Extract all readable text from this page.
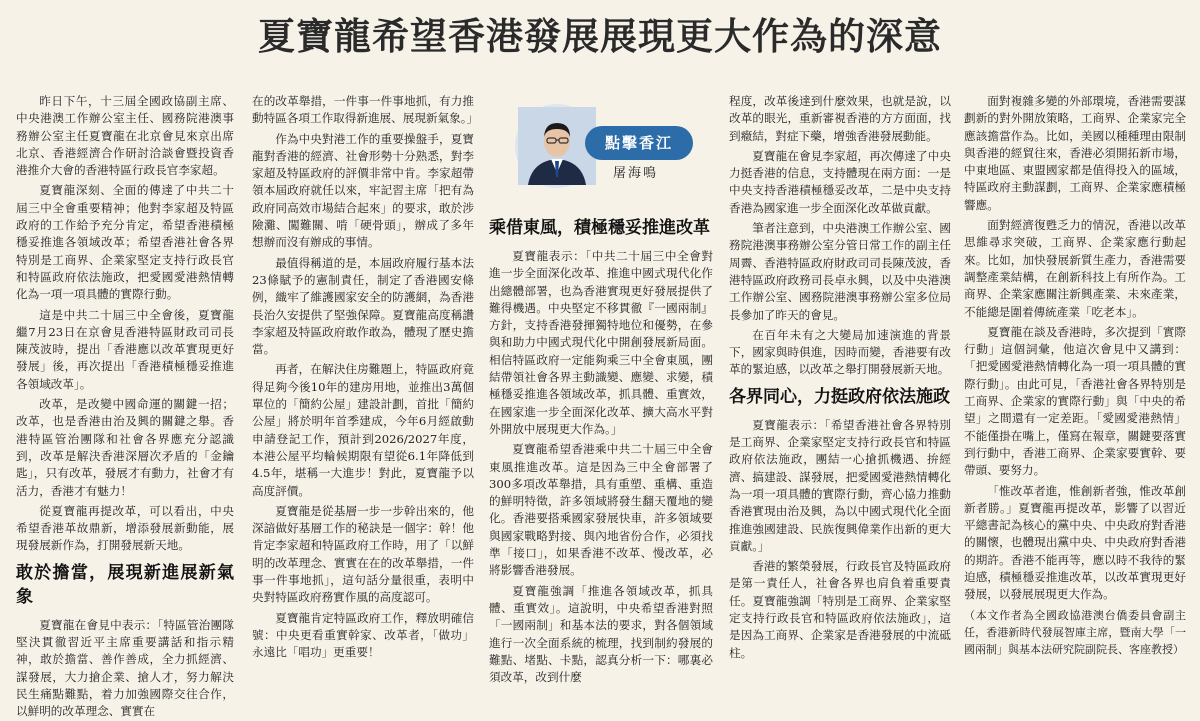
夏寶龍希望香港發展展現更大作為的深意

昨日下午，十三屆全國政協副主席、中央港澳工作辦公室主任、國務院港澳事務辦公室主任夏寶龍在北京會見來京出席北京、香港經濟合作研討洽談會暨投資香港推介大會的香港特區行政長官李家超。

夏寶龍深刻、全面的傳達了中共二十屆三中全會重要精神；他對李家超及特區政府的工作給予充分肯定，希望香港積極穩妥推進各領域改革；希望香港社會各界特別是工商界、企業家堅定支持行政長官和特區政府依法施政，把愛國愛港熱情轉化為一項一項具體的實際行動。

這是中共二十屆三中全會後，夏寶龍繼7月23日在京會見香港特區財政司司長陳茂波時，提出「香港應以改革實現更好發展」後，再次提出「香港積極穩妥推進各領域改革」。

改革，是改變中國命運的關鍵一招；改革，也是香港由治及興的關鍵之舉。香港特區管治團隊和社會各界應充分認識到，改革是解決香港深層次矛盾的「金鑰匙」，只有改革，發展才有動力，社會才有活力，香港才有魅力！

從夏寶龍再提改革，可以看出，中央希望香港革故鼎新，增添發展新動能，展現發展新作為，打開發展新天地。

敢於擔當，展現新進展新氣象

夏寶龍在會見中表示：「特區管治團隊堅決貫徹習近平主席重要講話和指示精神，敢於擔當、善作善成，全力抓經濟、謀發展，大力搶企業、搶人才，努力解決民生痛點難點，着力加強國際交往合作，以鮮明的改革理念、實實在

在的改革舉措，一件事一件事地抓，有力推動特區各項工作取得新進展、展現新氣象。」

作為中央對港工作的重要操盤手，夏寶龍對香港的經濟、社會形勢十分熟悉，對李家超及特區政府的評價非常中肯。李家超帶領本屆政府就任以來，牢記習主席「把有為政府同高效市場結合起來」的要求，敢於涉險灘、闖難關、啃「硬骨頭」，辦成了多年想辦而沒有辦成的事情。

最值得稱道的是，本屆政府履行基本法23條賦予的憲制責任，制定了香港國安條例，織牢了維護國家安全的防護網，為香港長治久安提供了堅強保障。夏寶龍高度稱讚李家超及特區政府敢作敢為，體現了歷史擔當。

再者，在解決住房難題上，特區政府竟得足夠今後10年的建房用地，並推出3萬個單位的「簡約公屋」建設計劃，首批「簡約公屋」將於明年首季建成，今年6月經啟動申請登記工作，預計到2026/2027年度，本港公屋平均輪候期限有望從6.1年降低到4.5年，堪稱一大進步！對此，夏寶龍予以高度評價。

夏寶龍是從基層一步一步幹出來的，他深諳做好基層工作的秘訣是一個字：幹！他肯定李家超和特區政府工作時，用了「以鮮明的改革理念、實實在在的改革舉措，一件事一件事地抓」，這句話分量很重，表明中央對特區政府務實作風的高度認可。

夏寶龍肯定特區政府工作，釋放明確信號：中央更看重實幹家、改革者，「做功」永遠比「唱功」更重要！

點擊香江
屠海鳴
乘借東風，積極穩妥推進改革

夏寶龍表示：「中共二十屆三中全會對進一步全面深化改革、推進中國式現代化作出總體部署，也為香港實現更好發展提供了難得機遇。中央堅定不移貫徹『一國兩制』方針，支持香港發揮獨特地位和優勢，在參與和助力中國式現代化中開創發展新局面。相信特區政府一定能夠乘三中全會東風，團結帶領社會各界主動識變、應變、求變，積極穩妥推進各領域改革，抓具體、重實效，在國家進一步全面深化改革、擴大高水平對外開放中展現更大作為。」

夏寶龍希望香港乘中共二十屆三中全會東風推進改革。這是因為三中全會部署了300多項改革舉措，具有重塑、重構、重造的鮮明特徵，許多領域將發生翻天覆地的變化。香港要搭乘國家發展快車，許多領域要與國家戰略對接、與內地省份合作，必須找準「接口」，如果香港不改革、慢改革，必將影響香港發展。

夏寶龍強調「推進各領域改革，抓具體、重實效」。這說明，中央希望香港對照「一國兩制」和基本法的要求，對各個領域進行一次全面系統的梳理，找到制約發展的難點、堵點、卡點，認真分析一下：哪裏必須改革，改到什麼

程度，改革後達到什麼效果，也就是說，以改革的眼光，重新審視香港的方方面面，找到癥結，對症下藥，增強香港發展動能。

夏寶龍在會見李家超，再次傳達了中央力挺香港的信息，支持體現在兩方面：一是中央支持香港積極穩妥改革，二是中央支持香港為國家進一步全面深化改革做貢獻。

筆者注意到，中央港澳工作辦公室、國務院港澳事務辦公室分管日常工作的副主任周霽、香港特區政府財政司司長陳茂波，香港特區政府政務司長卓永興，以及中央港澳工作辦公室、國務院港澳事務辦公室多位局長參加了昨天的會見。

在百年未有之大變局加速演進的背景下，國家與時俱進，因時而變，香港要有改革的緊迫感，以改革之舉打開發展新天地。

各界同心，力挺政府依法施政

夏寶龍表示：「希望香港社會各界特別是工商界、企業家堅定支持行政長官和特區政府依法施政，團結一心搶抓機遇、拚經濟、搞建設、謀發展，把愛國愛港熱情轉化為一項一項具體的實際行動，齊心協力推動香港實現由治及興，為以中國式現代化全面推進強國建設、民族復興偉業作出新的更大貢獻。」

香港的繁榮發展，行政長官及特區政府是第一責任人，社會各界也肩負着重要責任。夏寶龍強調「特別是工商界、企業家堅定支持行政長官和特區政府依法施政」，這是因為工商界、企業家是香港發展的中流砥柱。

面對複雜多變的外部環境，香港需要謀劃新的對外開放策略，工商界、企業家完全應該擔當作為。比如，美國以種種理由限制與香港的經貿往來，香港必須開拓新市場，中東地區、東盟國家都是值得投入的區域，特區政府主動謀劃，工商界、企業家應積極響應。

面對經濟復甦乏力的情況，香港以改革思維尋求突破，工商界、企業家應行動起來。比如，加快發展新質生產力，香港需要調整產業結構，在創新科技上有所作為。工商界、企業家應關注新興產業、未來產業，不能總是圍着傳統產業「吃老本」。

夏寶龍在談及香港時，多次提到「實際行動」這個詞彙，他這次會見中又講到：「把愛國愛港熱情轉化為一項一項具體的實際行動」。由此可見，「香港社會各界特別是工商界、企業家的實際行動」與「中央的希望」之間還有一定差距。「愛國愛港熱情」不能僅掛在嘴上，僅寫在報章，關鍵要落實到行動中，香港工商界、企業家要實幹、要帶頭、要努力。

「惟改革者進，惟創新者強，惟改革創新者勝。」夏寶龍再提改革，影響了以習近平總書記為核心的黨中央、中央政府對香港的關懷，也體現出黨中央、中央政府對香港的期許。香港不能再等，應以時不我待的緊迫感，積極穩妥推進改革，以改革實現更好發展，以發展展現更大作為。

（本文作者為全國政協港澳台僑委員會副主任，香港新時代發展智庫主席，暨南大學「一國兩制」與基本法研究院副院長、客座教授）
